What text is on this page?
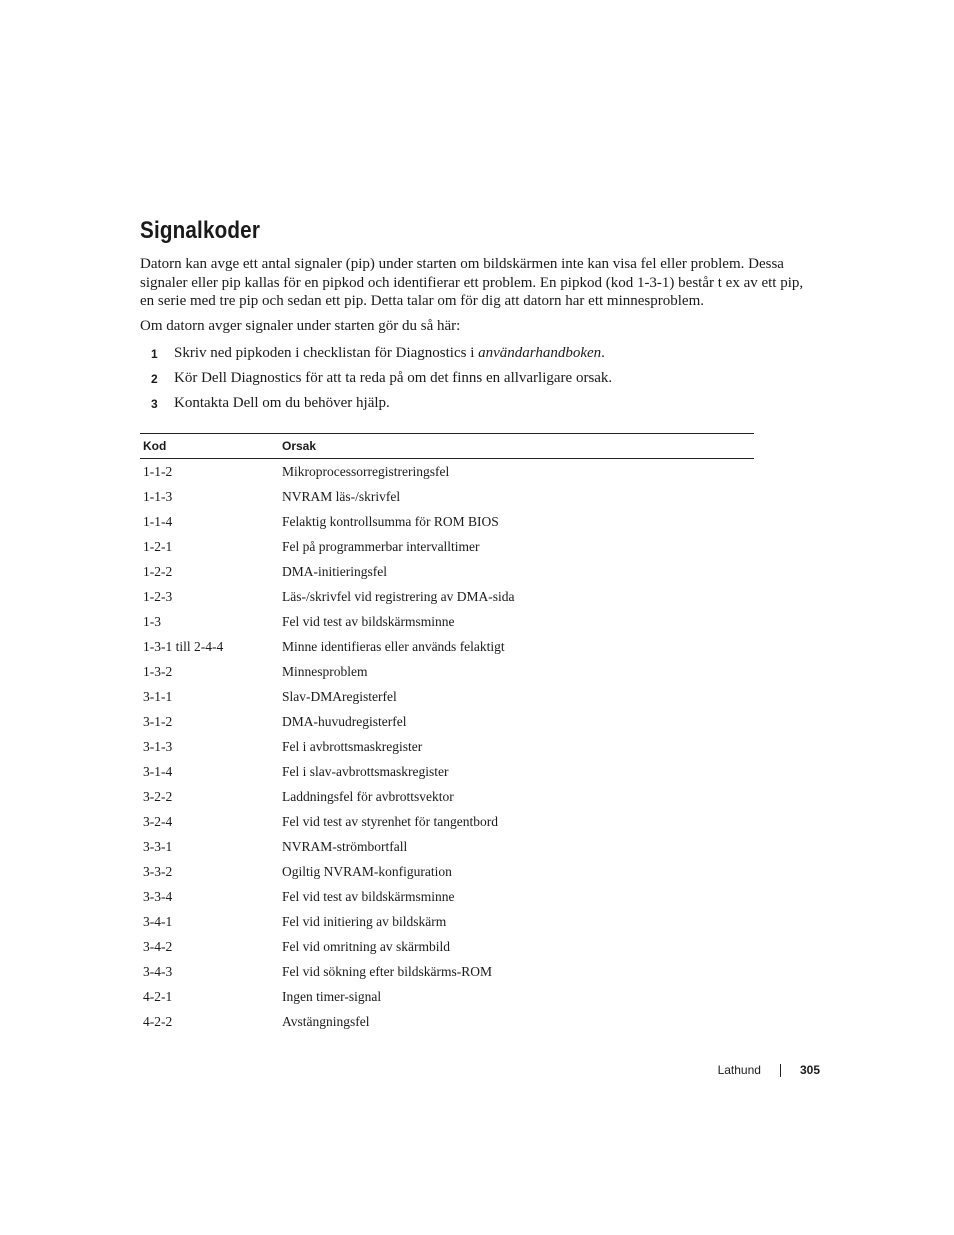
Signalkoder

Datorn kan avge ett antal signaler (pip) under starten om bildskärmen inte kan visa fel eller problem. Dessa signaler eller pip kallas för en pipkod och identifierar ett problem. En pipkod (kod 1-3-1) består t ex av ett pip, en serie med tre pip och sedan ett pip. Detta talar om för dig att datorn har ett minnesproblem.

Om datorn avger signaler under starten gör du så här:

1	Skriv ned pipkoden i checklistan för Diagnostics i användarhandboken.
2	Kör Dell Diagnostics för att ta reda på om det finns en allvarligare orsak.
3	Kontakta Dell om du behöver hjälp.
Kod	Orsak
1-1-2	Mikroprocessorregistreringsfel
1-1-3	NVRAM läs-/skrivfel
1-1-4	Felaktig kontrollsumma för ROM BIOS
1-2-1	Fel på programmerbar intervalltimer
1-2-2	DMA-initieringsfel
1-2-3	Läs-/skrivfel vid registrering av DMA-sida
1-3	Fel vid test av bildskärmsminne
1-3-1 till 2-4-4	Minne identifieras eller används felaktigt
1-3-2	Minnesproblem
3-1-1	Slav-DMAregisterfel
3-1-2	DMA-huvudregisterfel
3-1-3	Fel i avbrottsmaskregister
3-1-4	Fel i slav-avbrottsmaskregister
3-2-2	Laddningsfel för avbrottsvektor
3-2-4	Fel vid test av styrenhet för tangentbord
3-3-1	NVRAM-strömbortfall
3-3-2	Ogiltig NVRAM-konfiguration
3-3-4	Fel vid test av bildskärmsminne
3-4-1	Fel vid initiering av bildskärm
3-4-2	Fel vid omritning av skärmbild
3-4-3	Fel vid sökning efter bildskärms-ROM
4-2-1	Ingen timer-signal
4-2-2	Avstängningsfel
Lathund	305
